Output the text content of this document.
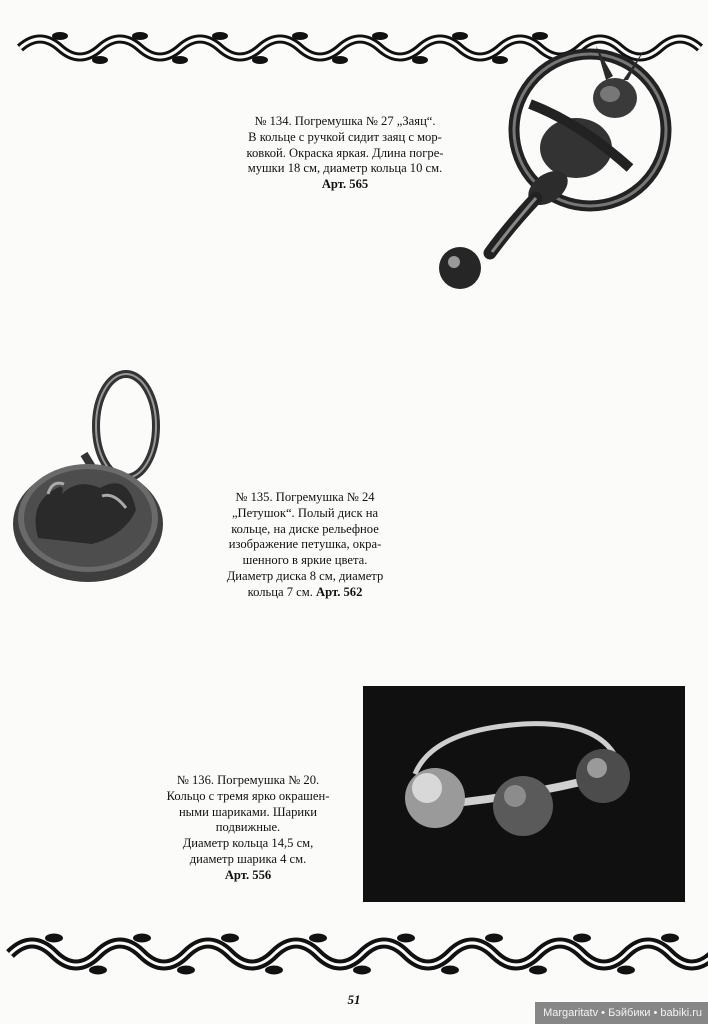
№ 134. Погремушка № 27 „Заяц“.
В кольце с ручкой сидит заяц с мор-
ковкой. Окраска яркая. Длина погре-
мушки 18 см, диаметр кольца 10 см.
Арт. 565
№ 135. Погремушка № 24
„Петушок“. Полый диск на
кольце, на диске рельефное
изображение петушка, окра-
шенного в яркие цвета.
Диаметр диска 8 см, диаметр
кольца 7 см. Арт. 562
№ 136. Погремушка № 20.
Кольцо с тремя ярко окрашен-
ными шариками. Шарики
подвижные.
Диаметр кольца 14,5 см,
диаметр шарика 4 см.
Арт. 556
51
Margaritatv • Бэйбики • babiki.ru
